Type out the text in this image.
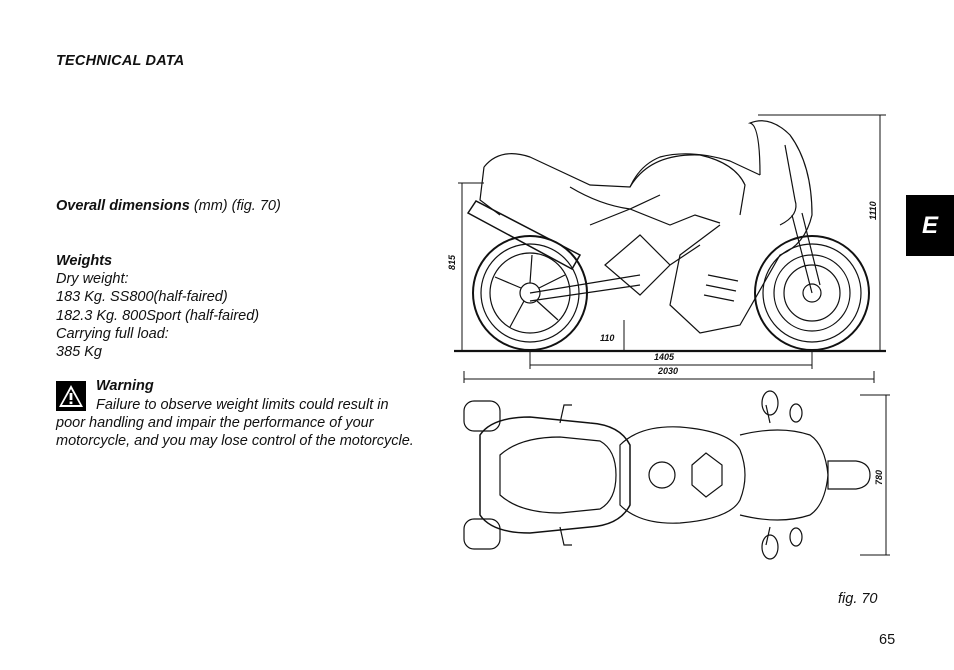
TECHNICAL DATA
Overall dimensions (mm) (fig. 70)
Weights
Dry weight:
183 Kg. SS800(half-faired)
182.3 Kg. 800Sport (half-faired)
Carrying full load:
385 Kg
Warning
Failure to observe weight limits could result in poor handling and impair the performance of your motorcycle, and you may lose control of the motorcycle.
E
1110
815
110
1405
2030
780
fig. 70
65
